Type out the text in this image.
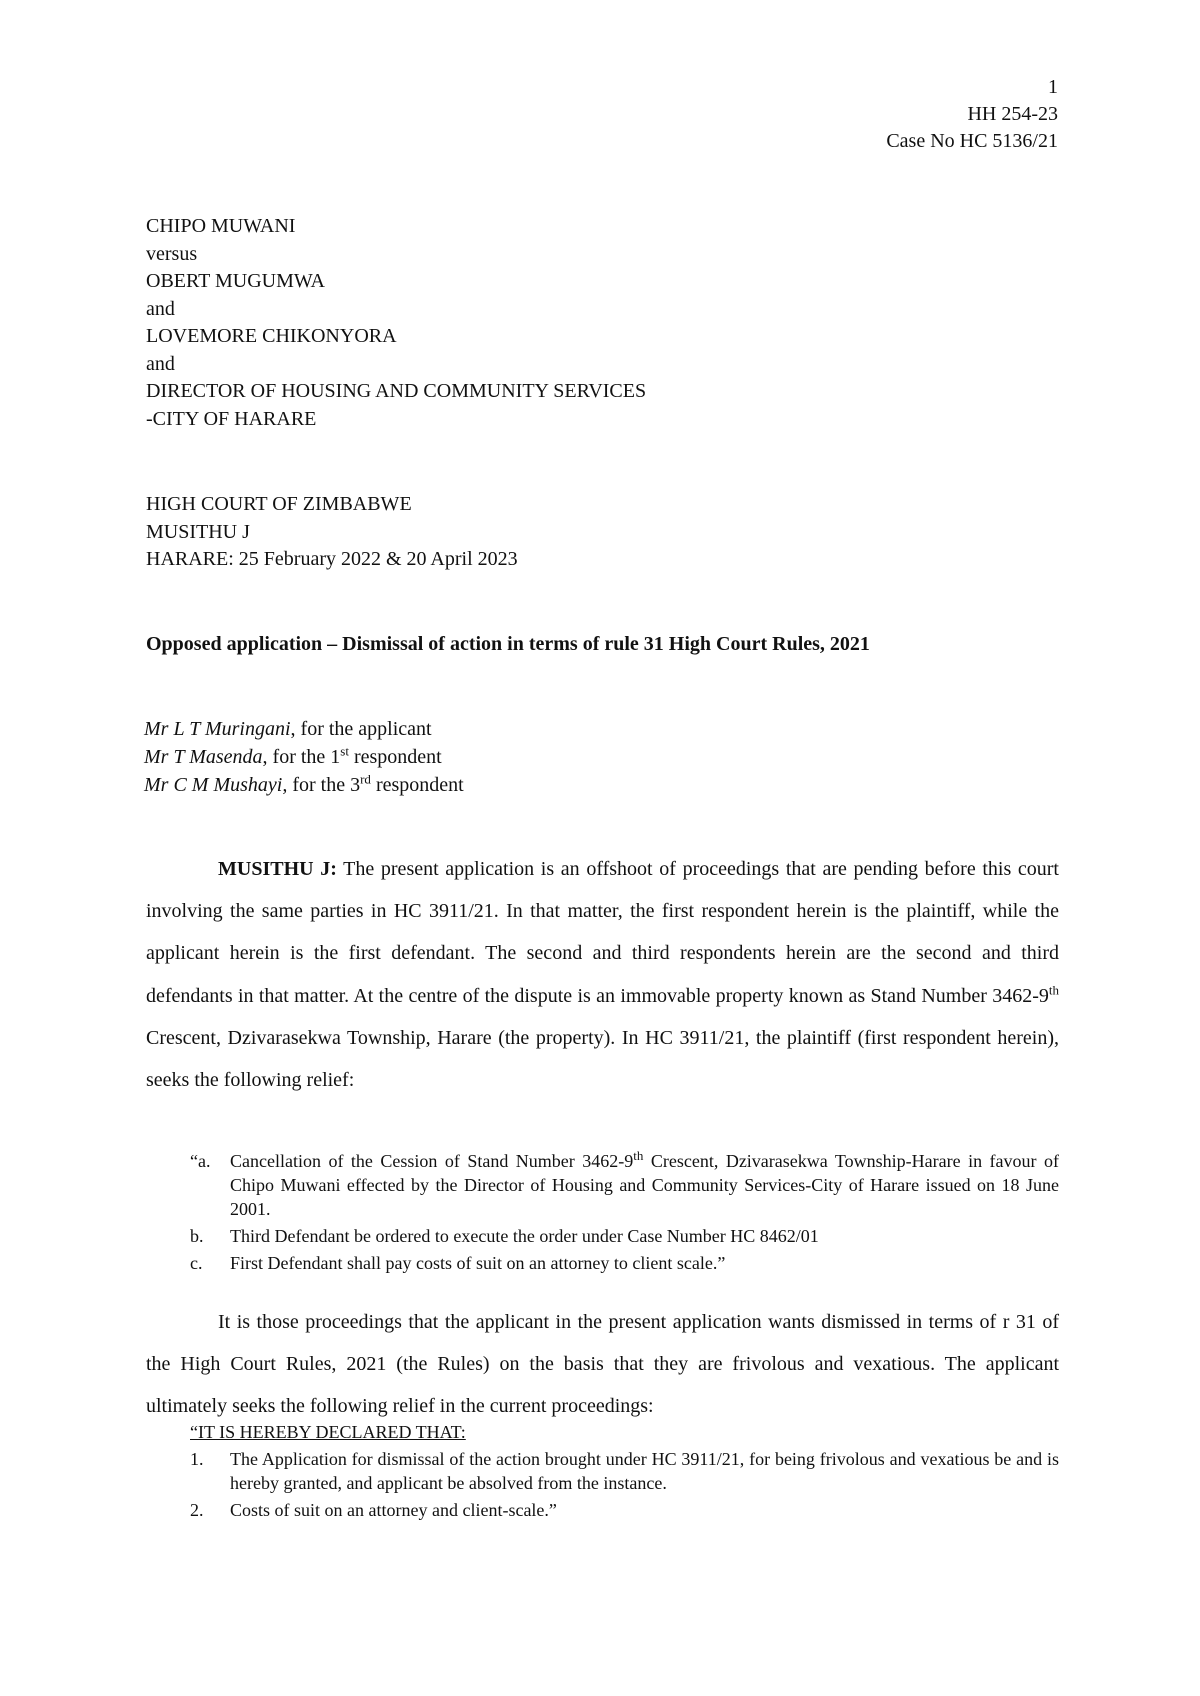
1
HH 254-23
Case No HC 5136/21
CHIPO MUWANI
versus
OBERT MUGUMWA
and
LOVEMORE CHIKONYORA
and
DIRECTOR OF HOUSING AND COMMUNITY SERVICES
-CITY OF HARARE
HIGH COURT OF ZIMBABWE
MUSITHU J
HARARE: 25 February 2022 & 20 April 2023
Opposed application – Dismissal of action in terms of rule 31 High Court Rules, 2021
Mr L T Muringani, for the applicant
Mr T Masenda, for the 1st respondent
Mr C M Mushayi, for the 3rd respondent

MUSITHU J: The present application is an offshoot of proceedings that are pending before this court involving the same parties in HC 3911/21. In that matter, the first respondent herein is the plaintiff, while the applicant herein is the first defendant. The second and third respondents herein are the second and third defendants in that matter. At the centre of the dispute is an immovable property known as Stand Number 3462-9th Crescent, Dzivarasekwa Township, Harare (the property). In HC 3911/21, the plaintiff (first respondent herein), seeks the following relief:

“a.	Cancellation of the Cession of Stand Number 3462-9th Crescent, Dzivarasekwa Township-Harare in favour of Chipo Muwani effected by the Director of Housing and Community Services-City of Harare issued on 18 June 2001.
b.	Third Defendant be ordered to execute the order under Case Number HC 8462/01
c.	First Defendant shall pay costs of suit on an attorney to client scale.”

It is those proceedings that the applicant in the present application wants dismissed in terms of r 31 of the High Court Rules, 2021 (the Rules) on the basis that they are frivolous and vexatious. The applicant ultimately seeks the following relief in the current proceedings:

“IT IS HEREBY DECLARED THAT:
1.	The Application for dismissal of the action brought under HC 3911/21, for being frivolous and vexatious be and is hereby granted, and applicant be absolved from the instance.
2.	Costs of suit on an attorney and client-scale.”
